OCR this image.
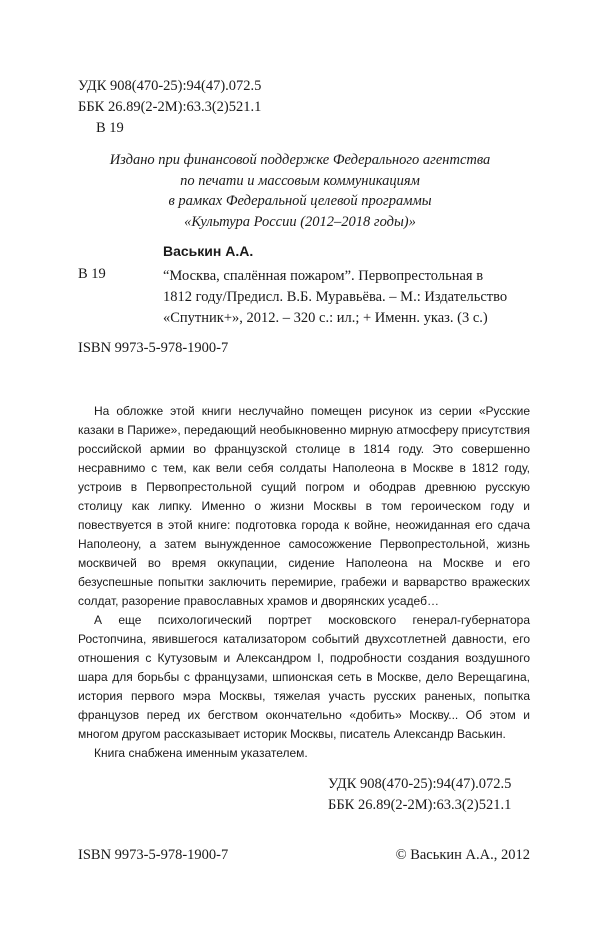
УДК 908(470-25):94(47).072.5
ББК 26.89(2-2М):63.3(2)521.1
В 19
Издано при финансовой поддержке Федерального агентства
по печати и массовым коммуникациям
в рамках Федеральной целевой программы
«Культура России (2012–2018 годы)»
Васькин А.А.
В 19	“Москва, спалённая пожаром”. Первопрестольная в
1812 году/Предисл. В.Б. Муравьёва. – М.: Издательство
«Спутник+», 2012. – 320 с.: ил.; + Именн. указ. (3 с.)
ISBN 9973-5-978-1900-7

На обложке этой книги неслучайно помещен рисунок из серии «Русские казаки в Париже», передающий необыкновенно мирную атмосферу присутствия российской армии во французской столице в 1814 году. Это совершенно несравнимо с тем, как вели себя солдаты Наполеона в Москве в 1812 году, устроив в Первопрестольной сущий погром и ободрав древнюю русскую столицу как липку. Именно о жизни Москвы в том героическом году и повествуется в этой книге: подготовка города к войне, неожиданная его сдача Наполеону, а затем вынужденное самосожжение Первопрестольной, жизнь москвичей во время оккупации, сидение Наполеона на Москве и его безуспешные попытки заключить перемирие, грабежи и варварство вражеских солдат, разорение православных храмов и дворянских усадеб…

А еще психологический портрет московского генерал-губернатора Ростопчина, явившегося катализатором событий двухсотлетней давности, его отношения с Кутузовым и Александром I, подробности создания воздушного шара для борьбы с французами, шпионская сеть в Москве, дело Верещагина, история первого мэра Москвы, тяжелая участь русских раненых, попытка французов перед их бегством окончательно «добить» Москву... Об этом и многом другом рассказывает историк Москвы, писатель Александр Васькин.

Книга снабжена именным указателем.

УДК 908(470-25):94(47).072.5
ББК 26.89(2-2М):63.3(2)521.1
ISBN 9973-5-978-1900-7	© Васькин А.А., 2012
